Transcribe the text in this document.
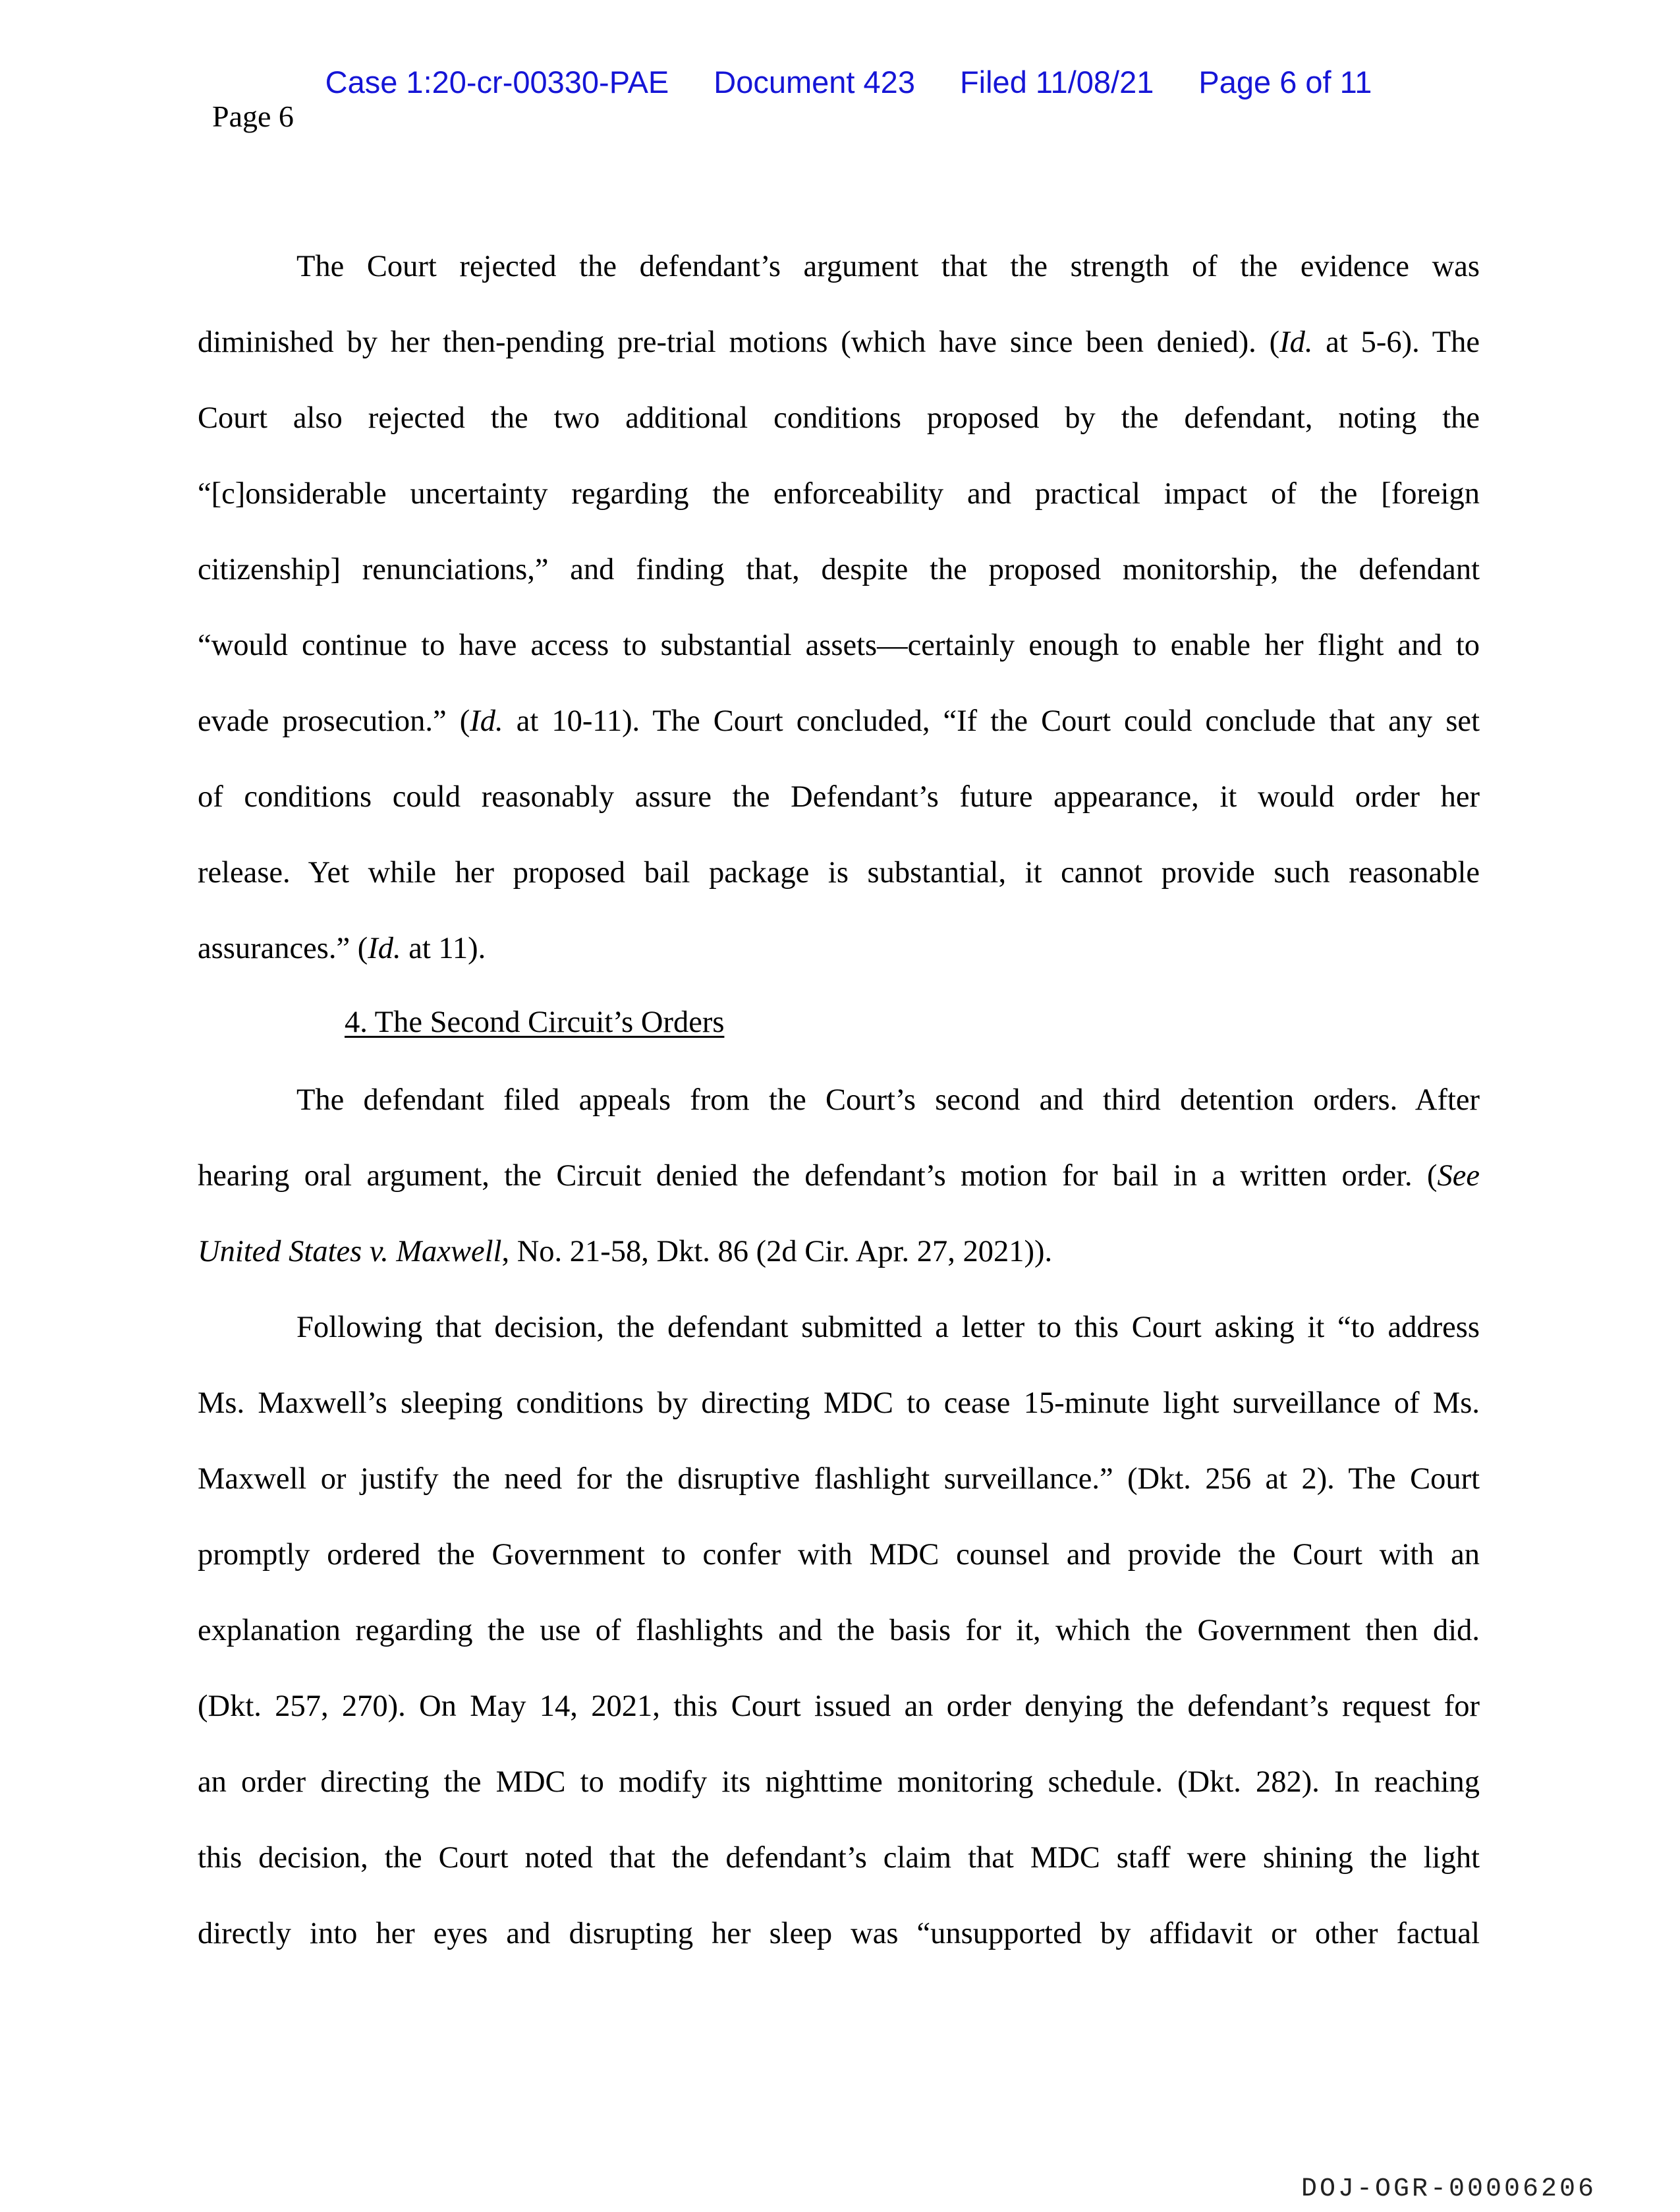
Case 1:20-cr-00330-PAE Document 423 Filed 11/08/21 Page 6 of 11

Page 6
The Court rejected the defendant’s argument that the strength of the evidence was
diminished by her then-pending pre-trial motions (which have since been denied). (Id. at 5-6). The
Court also rejected the two additional conditions proposed by the defendant, noting the
“[c]onsiderable uncertainty regarding the enforceability and practical impact of the [foreign
citizenship] renunciations,” and finding that, despite the proposed monitorship, the defendant
“would continue to have access to substantial assets—certainly enough to enable her flight and to
evade prosecution.” (Id. at 10-11). The Court concluded, “If the Court could conclude that any set
of conditions could reasonably assure the Defendant’s future appearance, it would order her
release. Yet while her proposed bail package is substantial, it cannot provide such reasonable
assurances.” (Id. at 11).
The defendant filed appeals from the Court’s second and third detention orders. After
hearing oral argument, the Circuit denied the defendant’s motion for bail in a written order. (See
United States v. Maxwell, No. 21-58, Dkt. 86 (2d Cir. Apr. 27, 2021)).
Following that decision, the defendant submitted a letter to this Court asking it “to address
Ms. Maxwell’s sleeping conditions by directing MDC to cease 15-minute light surveillance of Ms.
Maxwell or justify the need for the disruptive flashlight surveillance.” (Dkt. 256 at 2). The Court
promptly ordered the Government to confer with MDC counsel and provide the Court with an
explanation regarding the use of flashlights and the basis for it, which the Government then did.
(Dkt. 257, 270). On May 14, 2021, this Court issued an order denying the defendant’s request for
an order directing the MDC to modify its nighttime monitoring schedule. (Dkt. 282). In reaching
this decision, the Court noted that the defendant’s claim that MDC staff were shining the light
directly into her eyes and disrupting her sleep was “unsupported by affidavit or other factual
4. The Second Circuit’s Orders
DOJ-OGR-00006206
